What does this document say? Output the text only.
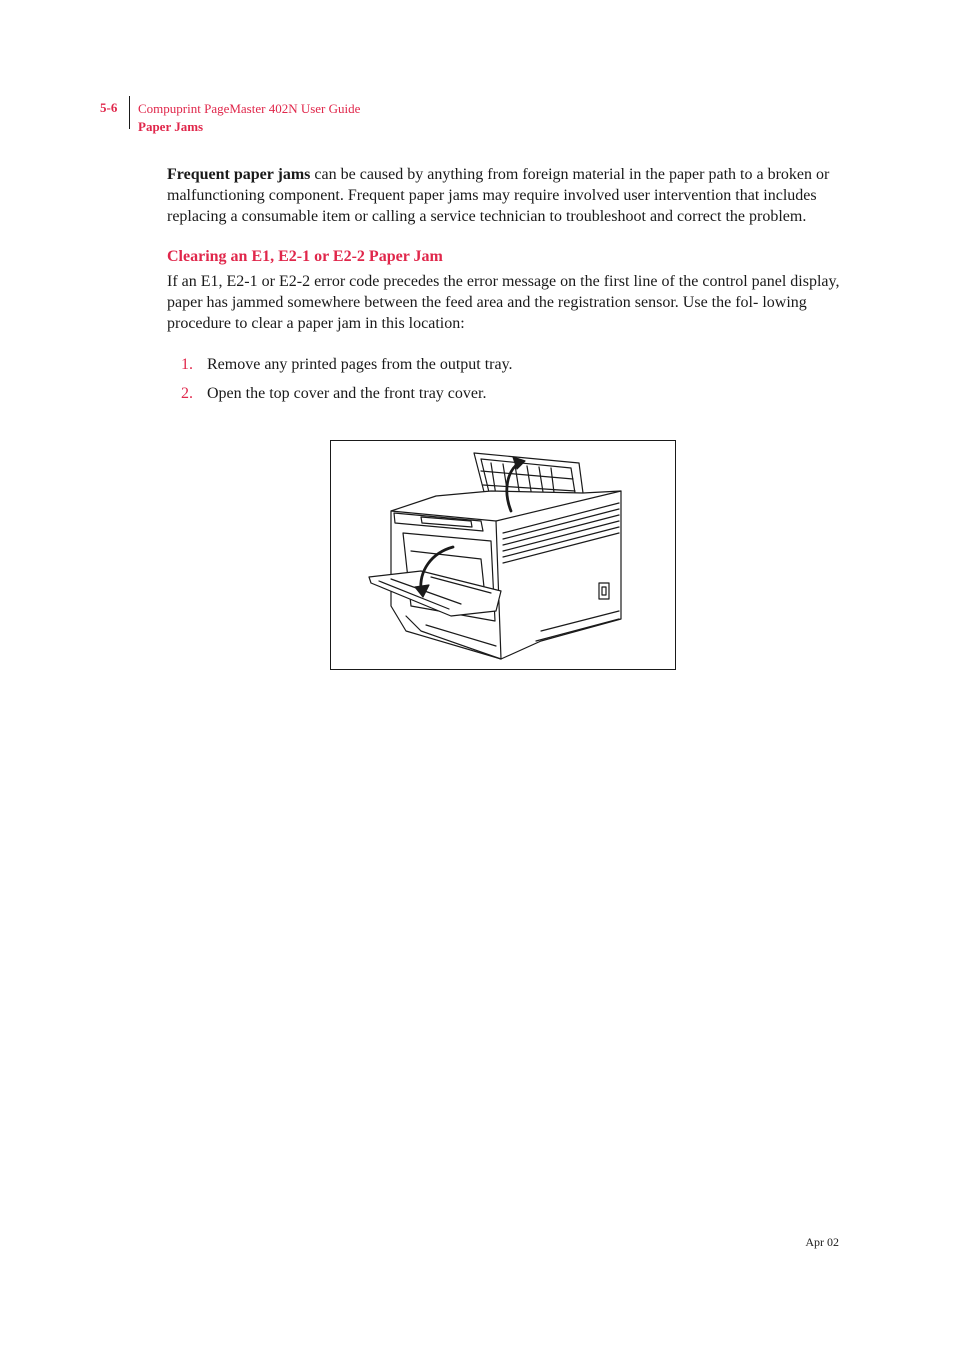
5-6 Compuprint PageMaster 402N User Guide
Paper Jams

Frequent paper jams can be caused by anything from foreign material in the paper path to a broken or malfunctioning component. Frequent paper jams may require involved user intervention that includes replacing a consumable item or calling a service technician to troubleshoot and correct the problem.

Clearing an E1, E2-1 or E2-2 Paper Jam

If an E1, E2-1 or E2-2 error code precedes the error message on the first line of the control panel display, paper has jammed somewhere between the feed area and the registration sensor. Use the fol- lowing procedure to clear a paper jam in this location:

1. Remove any printed pages from the output tray.
2. Open the top cover and the front tray cover.
Apr 02
